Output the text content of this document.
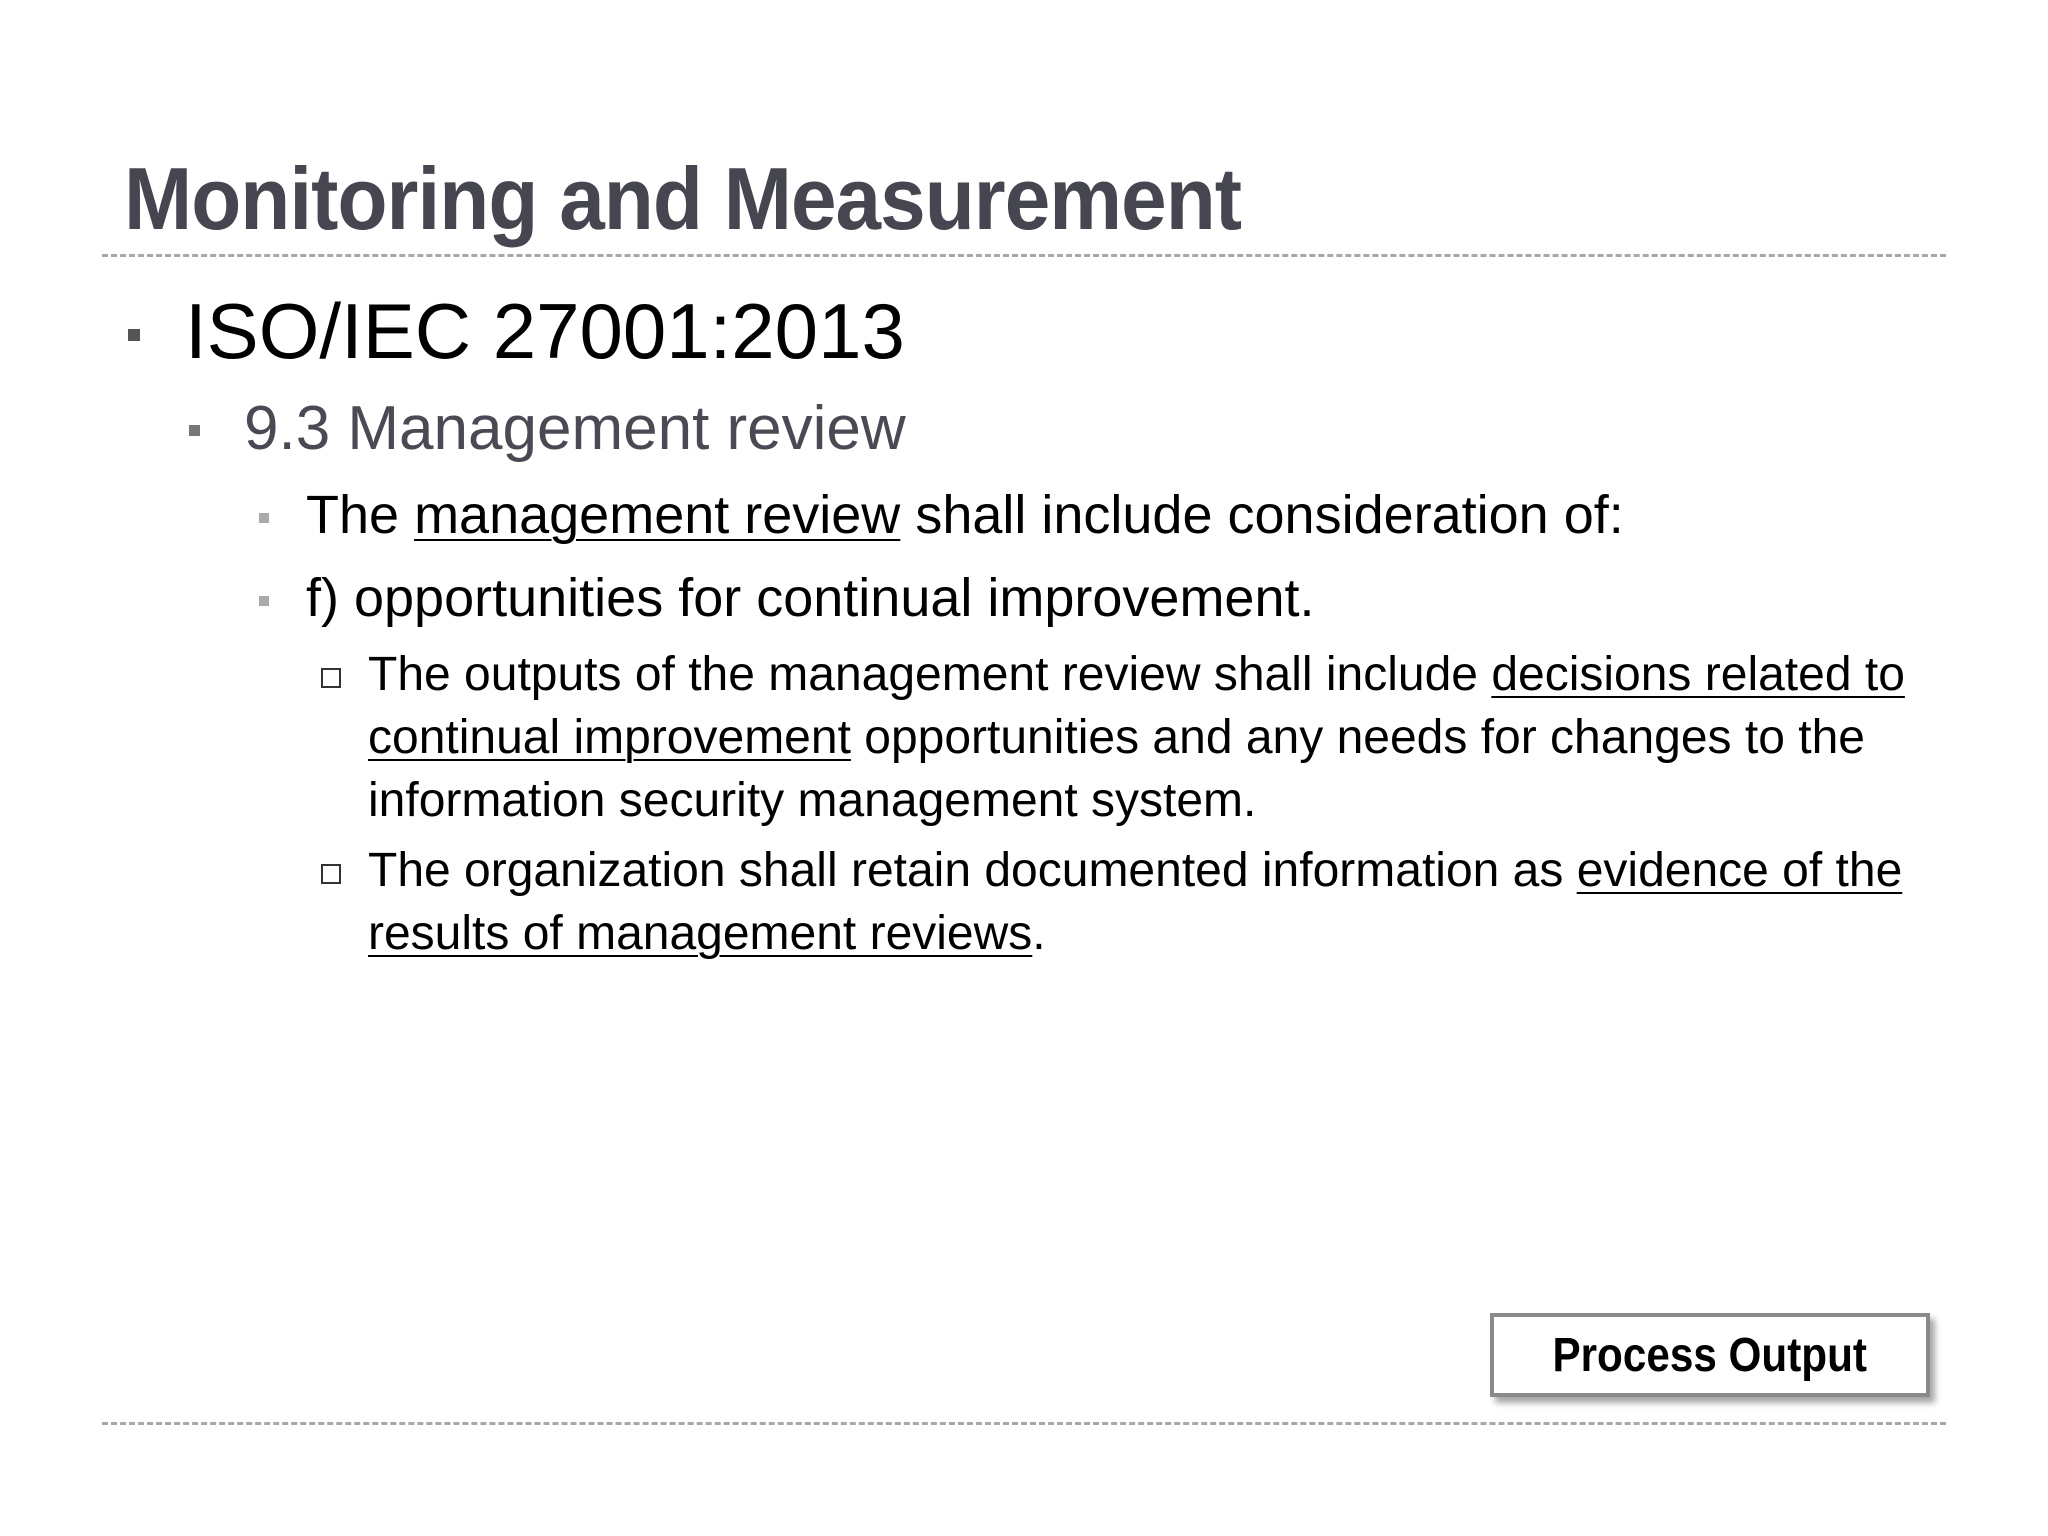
Monitoring and Measurement
ISO/IEC 27001:2013
9.3 Management review
The management review shall include consideration of:
f) opportunities for continual improvement.
The outputs of the management review shall include decisions related to continual improvement opportunities and any needs for changes to the information security management system.
The organization shall retain documented information as evidence of the results of management reviews.
Process Output
